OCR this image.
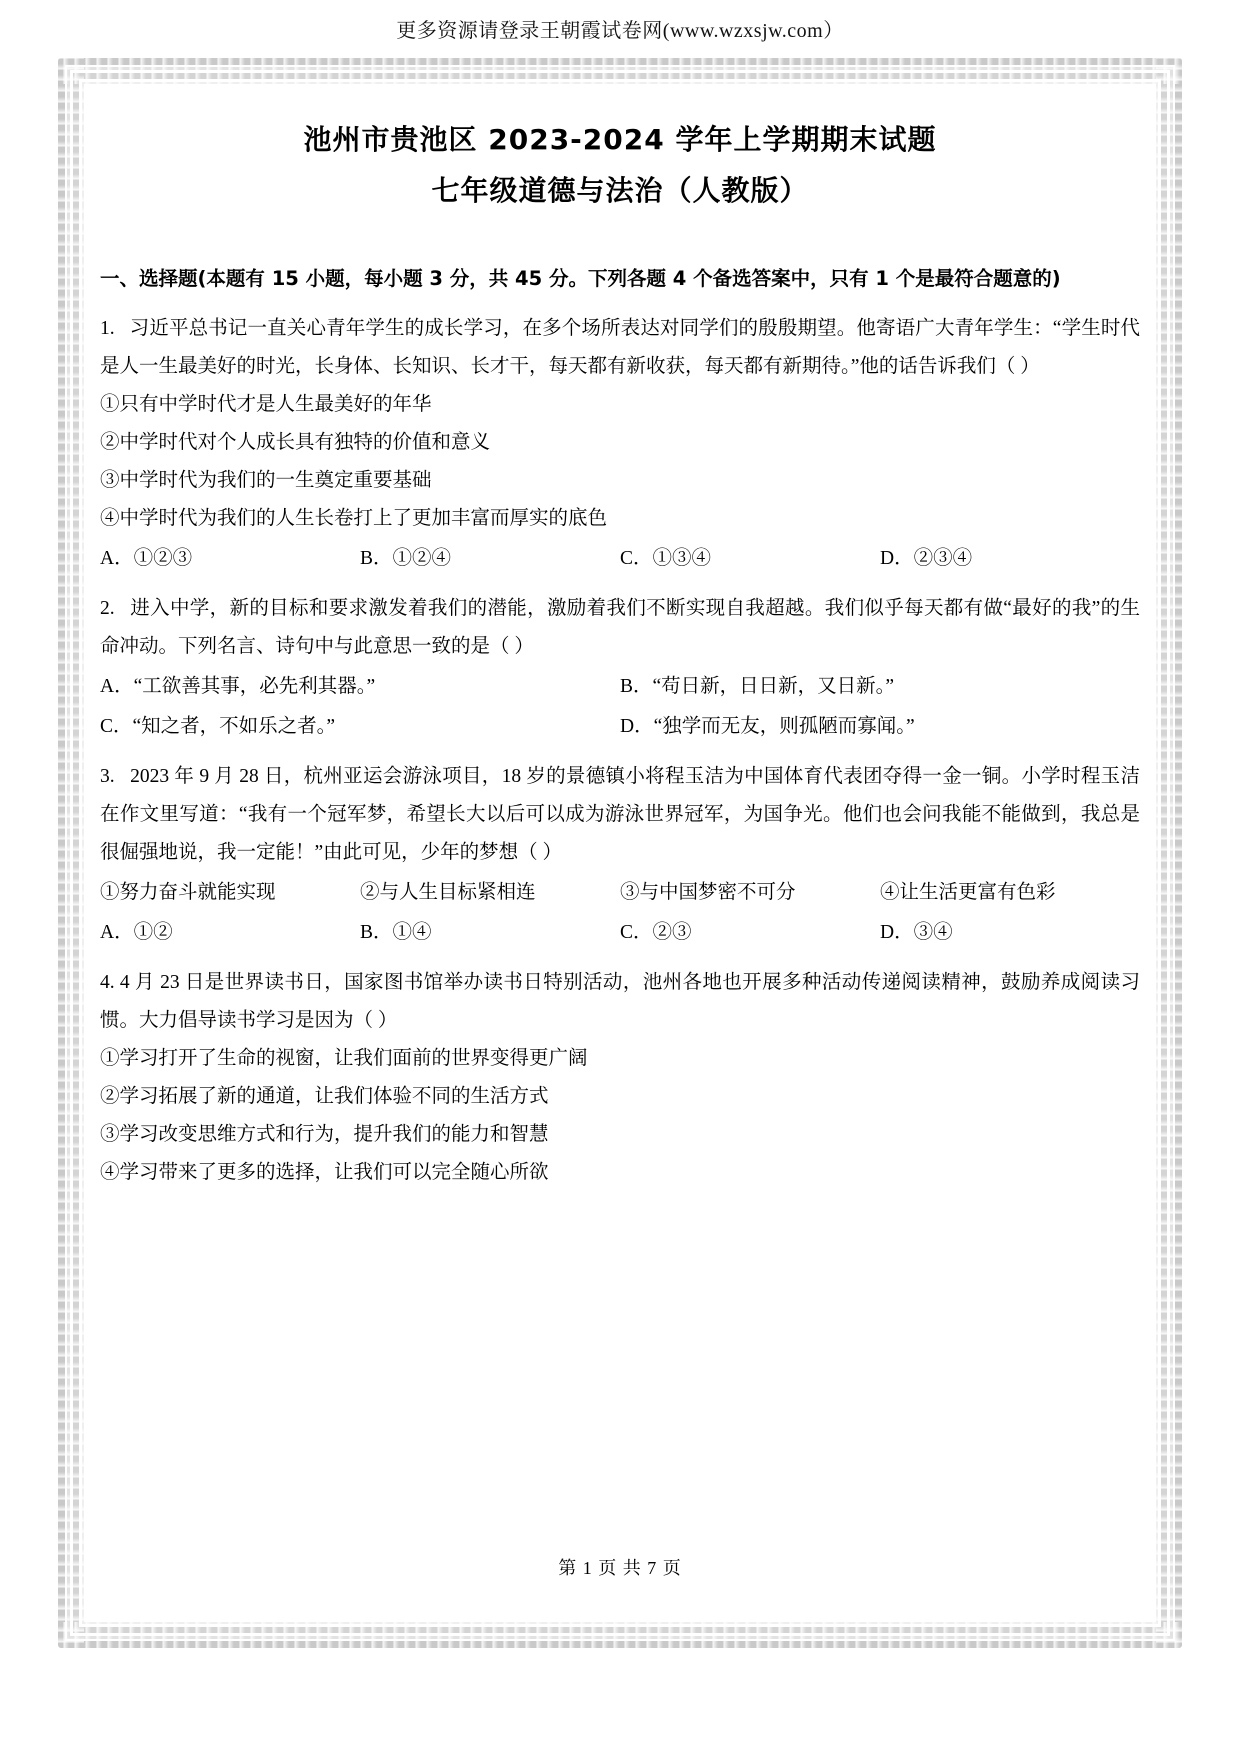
更多资源请登录王朝霞试卷网(www.wzxsjw.com）
池州市贵池区 2023-2024 学年上学期期末试题
七年级道德与法治（人教版）
一、选择题(本题有 15 小题，每小题 3 分，共 45 分。下列各题 4 个备选答案中，只有 1 个是最符合题意的)
1. 习近平总书记一直关心青年学生的成长学习，在多个场所表达对同学们的殷殷期望。他寄语广大青年学生：“学生时代是人一生最美好的时光，长身体、长知识、长才干，每天都有新收获，每天都有新期待。”他的话告诉我们（ ）
①只有中学时代才是人生最美好的年华
②中学时代对个人成长具有独特的价值和意义
③中学时代为我们的一生奠定重要基础
④中学时代为我们的人生长卷打上了更加丰富而厚实的底色
A．①②③	B．①②④	C．①③④	D．②③④
2. 进入中学，新的目标和要求激发着我们的潜能，激励着我们不断实现自我超越。我们似乎每天都有做“最好的我”的生命冲动。下列名言、诗句中与此意思一致的是（ ）
A．“工欲善其事，必先利其器。”	B．“苟日新，日日新，又日新。”
C．“知之者，不如乐之者。”	D．“独学而无友，则孤陋而寡闻。”
3. 2023 年 9 月 28 日，杭州亚运会游泳项目，18 岁的景德镇小将程玉洁为中国体育代表团夺得一金一铜。小学时程玉洁在作文里写道：“我有一个冠军梦，希望长大以后可以成为游泳世界冠军，为国争光。他们也会问我能不能做到，我总是很倔强地说，我一定能！”由此可见，少年的梦想（ ）
①努力奋斗就能实现	②与人生目标紧相连	③与中国梦密不可分	④让生活更富有色彩
A．①②	B．①④	C．②③	D．③④
4. 4 月 23 日是世界读书日，国家图书馆举办读书日特别活动，池州各地也开展多种活动传递阅读精神，鼓励养成阅读习惯。大力倡导读书学习是因为（ ）
①学习打开了生命的视窗，让我们面前的世界变得更广阔
②学习拓展了新的通道，让我们体验不同的生活方式
③学习改变思维方式和行为，提升我们的能力和智慧
④学习带来了更多的选择，让我们可以完全随心所欲
第 1 页 共 7 页
